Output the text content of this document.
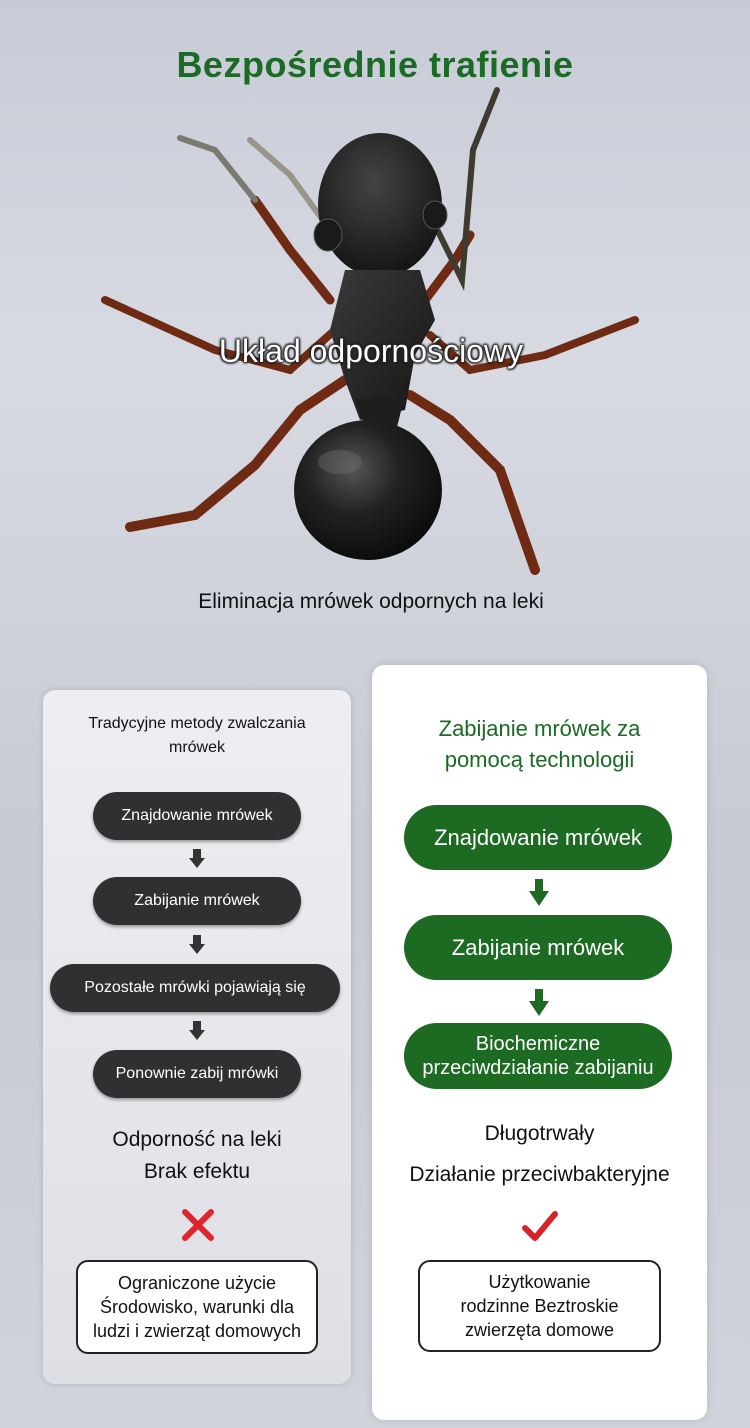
Bezpośrednie trafienie
Układ odpornościowy
Eliminacja mrówek odpornych na leki
Tradycyjne metody zwalczania
mrówek
Znajdowanie mrówek
Zabijanie mrówek
Pozostałe mrówki pojawiają się
Ponownie zabij mrówki
Odporność na leki
Brak efektu
Ograniczone użycie
Środowisko, warunki dla
ludzi i zwierząt domowych
Zabijanie mrówek za
pomocą technologii
Znajdowanie mrówek
Zabijanie mrówek
Biochemiczne
przeciwdziałanie zabijaniu
Długotrwały
Działanie przeciwbakteryjne
Użytkowanie
rodzinne Beztroskie
zwierzęta domowe
